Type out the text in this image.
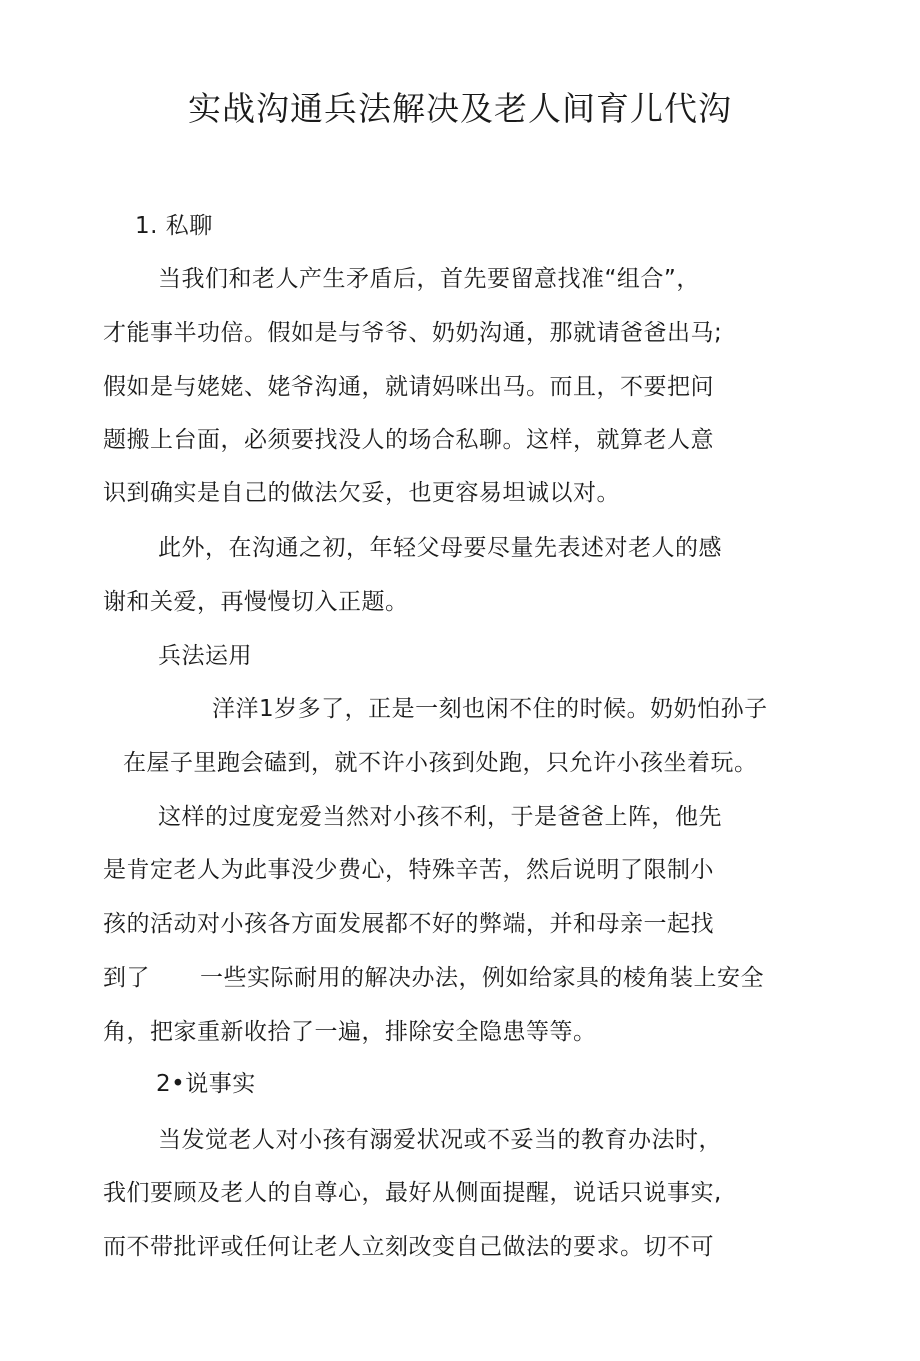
实战沟通兵法解决及老人间育儿代沟
1. 私聊
当我们和老人产生矛盾后，首先要留意找准“组合”，
才能事半功倍。假如是与爷爷、奶奶沟通，那就请爸爸出马;
假如是与姥姥、姥爷沟通，就请妈咪出马。而且，不要把问
题搬上台面，必须要找没人的场合私聊。这样，就算老人意
识到确实是自己的做法欠妥，也更容易坦诚以对。
此外，在沟通之初，年轻父母要尽量先表述对老人的感
谢和关爱，再慢慢切入正题。
兵法运用
洋洋1岁多了，正是一刻也闲不住的时候。奶奶怕孙子
在屋子里跑会磕到，就不许小孩到处跑，只允许小孩坐着玩。
这样的过度宠爱当然对小孩不利，于是爸爸上阵，他先
是肯定老人为此事没少费心，特殊辛苦，然后说明了限制小
孩的活动对小孩各方面发展都不好的弊端，并和母亲一起找
到了 一些实际耐用的解决办法，例如给家具的棱角装上安全
角，把家重新收拾了一遍，排除安全隐患等等。
2•说事实
当发觉老人对小孩有溺爱状况或不妥当的教育办法时，
我们要顾及老人的自尊心，最好从侧面提醒，说话只说事实,
而不带批评或任何让老人立刻改变自己做法的要求。切不可
